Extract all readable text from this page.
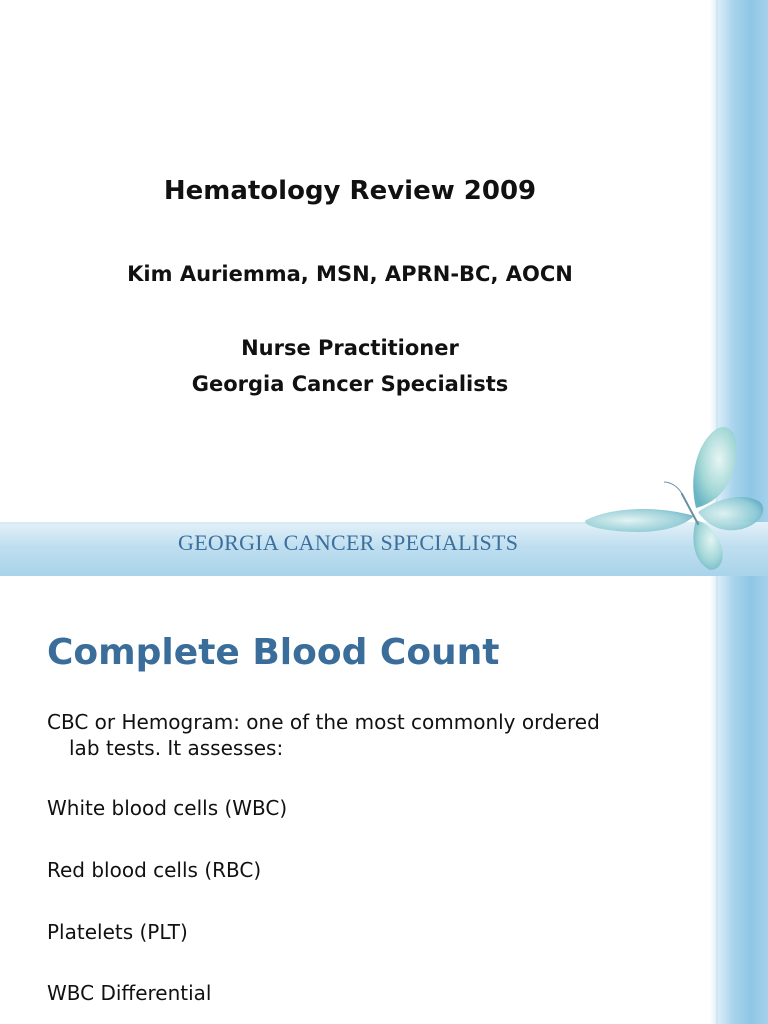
GEORGIA CANCER SPECIALISTS
Hematology Review 2009
Kim Auriemma, MSN, APRN-BC, AOCN
Nurse Practitioner
Georgia Cancer Specialists
Complete Blood Count
CBC or Hemogram: one of the most commonly ordered
lab tests. It assesses:
White blood cells (WBC)
Red blood cells (RBC)
Platelets (PLT)
WBC Differential
